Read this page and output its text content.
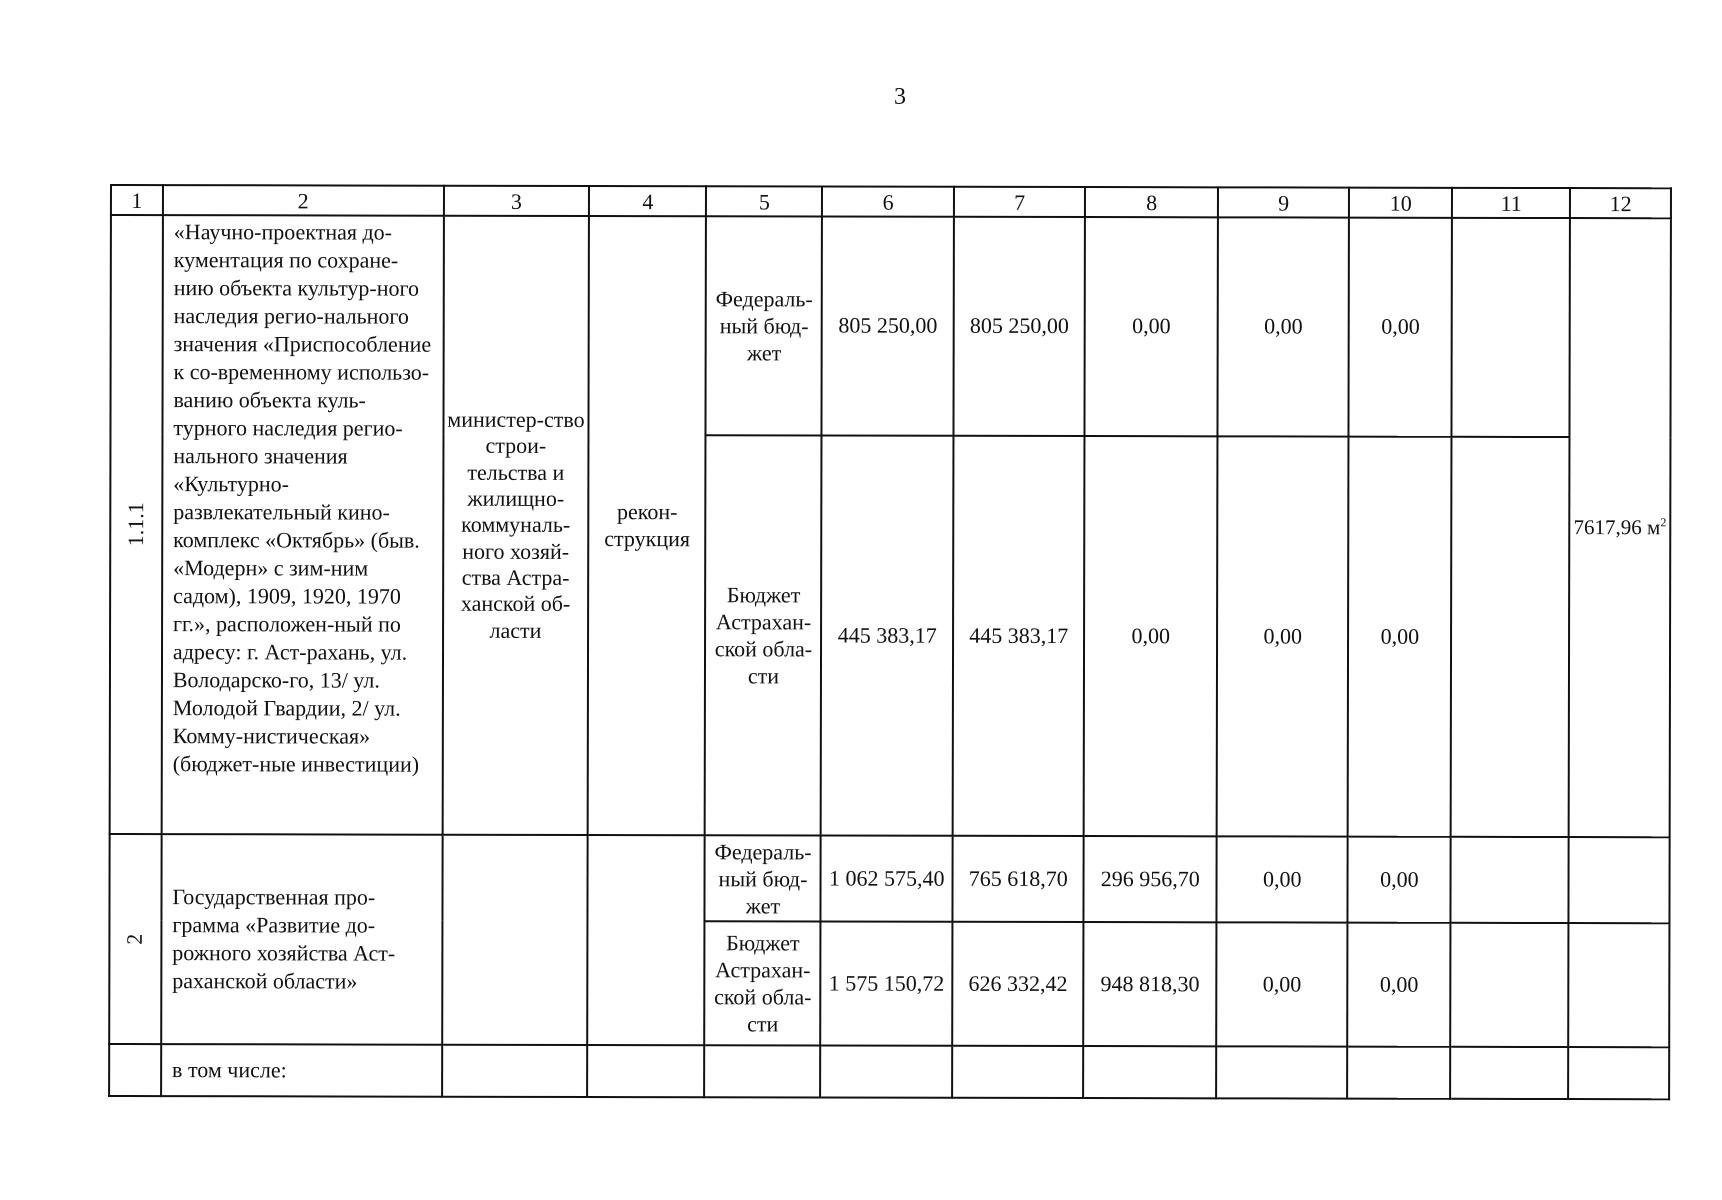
3
1	2	3	4	5	6	7	8	9	10	11	12
1.1.1	«Научно-проектная до-кументация по сохране-нию объекта культур-ного наследия регио-нального значения «Приспособление к со-временному использо-ванию объекта куль-турного наследия регио-нального значения «Культурно-развлекательный кино-комплекс «Октябрь» (быв. «Модерн» с зим-ним садом), 1909, 1920, 1970 гг.», расположен-ный по адресу: г. Аст-рахань, ул. Володарско-го, 13/ ул. Молодой Гвардии, 2/ ул. Комму-нистическая» (бюджет-ные инвестиции)	министер-ство строи-тельства и жилищно-коммуналь-ного хозяй-ства Астра-ханской об-ласти	рекон-струкция	Федераль-ный бюд-жет	805 250,00	805 250,00	0,00	0,00	0,00		7617,96 $м^2$
				Бюджет Астрахан-ской обла-сти	445 383,17	445 383,17	0,00	0,00	0,00		
2	Государственная про-грамма «Развитие до-рожного хозяйства Аст-раханской области»			Федераль-ный бюд-жет	1 062 575,40	765 618,70	296 956,70	0,00	0,00		
				Бюджет Астрахан-ской обла-сти	1 575 150,72	626 332,42	948 818,30	0,00	0,00		
	в том числе:										
